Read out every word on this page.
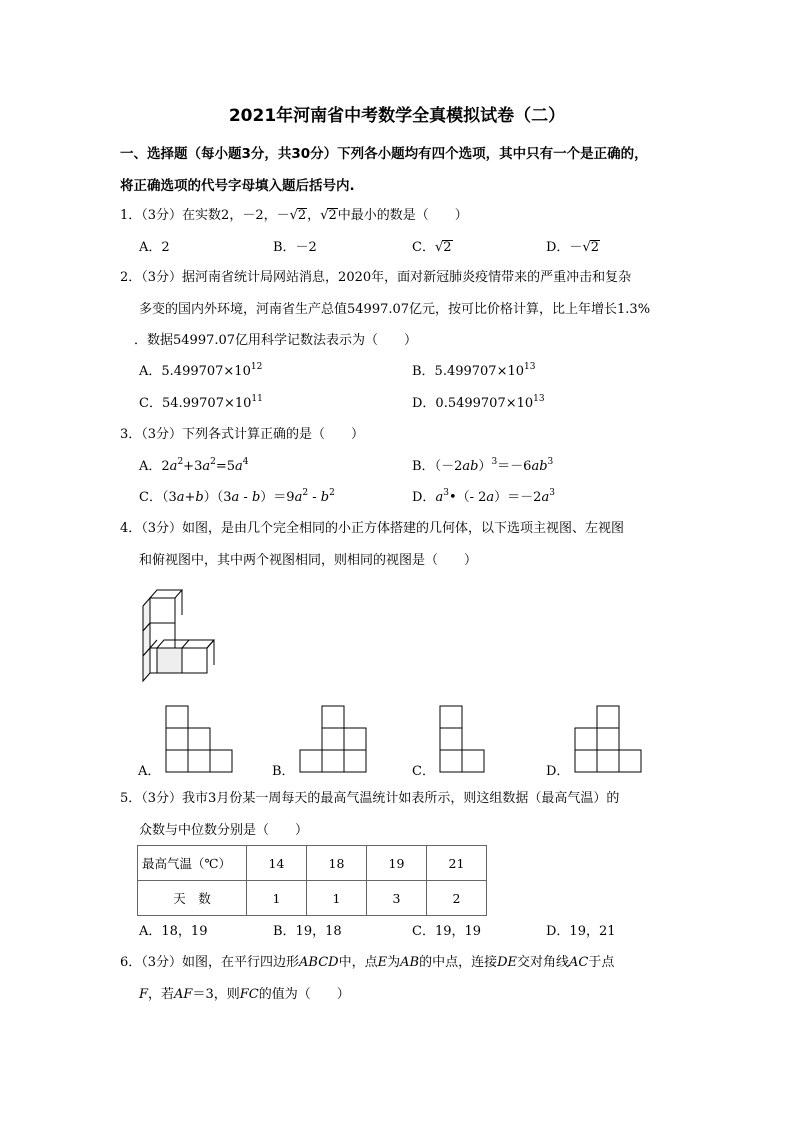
2021年河南省中考数学全真模拟试卷（二）
一、选择题（每小题3分，共30分）下列各小题均有四个选项，其中只有一个是正确的，
将正确选项的代号字母填入题后括号内.
1．（3分）在实数2，－2，－√2，√2中最小的数是（　　）
A．2	B．－2	C．√2	D．－√2
2．（3分）据河南省统计局网站消息，2020年，面对新冠肺炎疫情带来的严重冲击和复杂
多变的国内外环境，河南省生产总值54997.07亿元，按可比价格计算，比上年增长1.3%
．数据54997.07亿用科学记数法表示为（　　）
A．$5.499707\times 10^{12}$	B．$5.499707\times 10^{13}$
C．$54.99707\times 10^{11}$	D．$0.5499707\times 10^{13}$
3．（3分）下列各式计算正确的是（　　）
A．$2a^2+3a^2=5a^4$	B．$(-2ab)^3=-6ab^3$
C．$(3a+b)(3a - b)=9a^2 - b^2$	D．$a^3•(-$ $2a)=-2a^3$
4．（3分）如图，是由几个完全相同的小正方体搭建的几何体，以下选项主视图、左视图
和俯视图中，其中两个视图相同，则相同的视图是（　　）
A．	B．	C．	D．
5．（3分）我市3月份某一周每天的最高气温统计如表所示，则这组数据（最高气温）的
众数与中位数分别是（　　）
最高气温（℃）	14	18	19	21
天　数	1	1	3	2
A．18，19	B．19，18	C．19，19	D．19，21
6．（3分）如图，在平行四边形ABCD中，点E为AB的中点，连接DE交对角线AC于点
F，若AF＝3，则FC的值为（　　）
